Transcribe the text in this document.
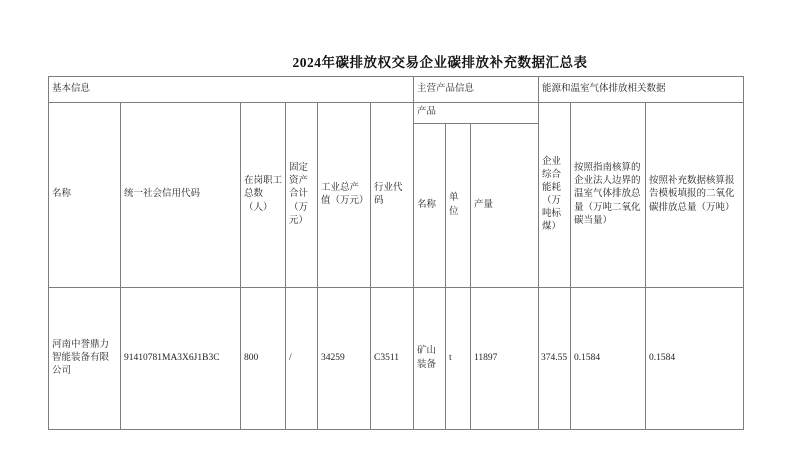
2024年碳排放权交易企业碳排放补充数据汇总表
基本信息						主营产品信息			能源和温室气体排放相关数据		
名称	统一社会信用代码	在岗职工总数（人）	固定资产合计（万元）	工业总产值（万元）	行业代码	产品			企业综合能耗（万吨标煤）	按照指南核算的企业法人边界的温室气体排放总量（万吨二氧化碳当量）	按照补充数据核算报告模板填报的二氧化碳排放总量（万吨）
						名称	单位	产量			
河南中誉鼎力智能装备有限公司	91410781MA3X6J1B3C	800	/	34259	C3511	矿山装备	t	11897	374.55	0.1584	0.1584
